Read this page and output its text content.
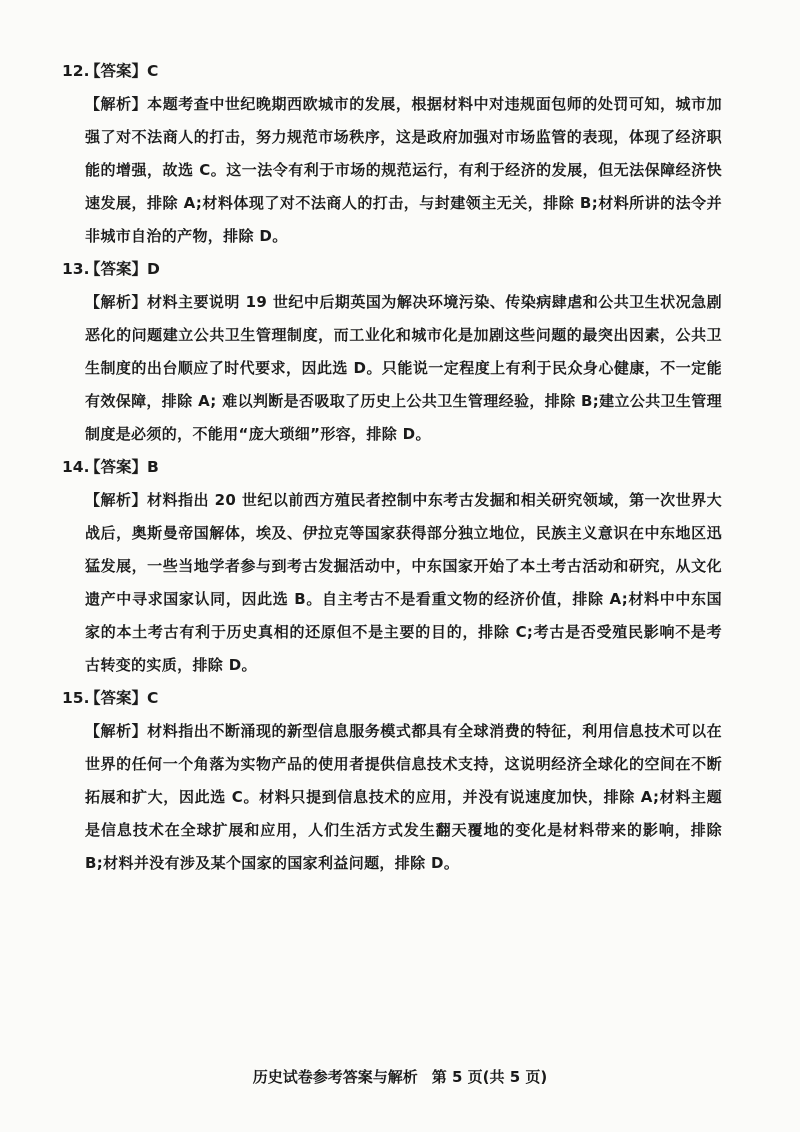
12.
【答案】C

【解析】本题考查中世纪晚期西欧城市的发展，根据材料中对违规面包师的处罚可知，城市加强了对不法商人的打击，努力规范市场秩序，这是政府加强对市场监管的表现，体现了经济职能的增强，故选 C。这一法令有利于市场的规范运行，有利于经济的发展，但无法保障经济快速发展，排除 A;材料体现了对不法商人的打击，与封建领主无关，排除 B;材料所讲的法令并非城市自治的产物，排除 D。

13.
【答案】D

【解析】材料主要说明 19 世纪中后期英国为解决环境污染、传染病肆虐和公共卫生状况急剧恶化的问题建立公共卫生管理制度，而工业化和城市化是加剧这些问题的最突出因素，公共卫生制度的出台顺应了时代要求，因此选 D。只能说一定程度上有利于民众身心健康，不一定能有效保障，排除 A; 难以判断是否吸取了历史上公共卫生管理经验，排除 B;建立公共卫生管理制度是必须的，不能用“庞大琐细”形容，排除 D。

14.
【答案】B

【解析】材料指出 20 世纪以前西方殖民者控制中东考古发掘和相关研究领域，第一次世界大战后，奥斯曼帝国解体，埃及、伊拉克等国家获得部分独立地位，民族主义意识在中东地区迅猛发展，一些当地学者参与到考古发掘活动中，中东国家开始了本土考古活动和研究，从文化遗产中寻求国家认同，因此选 B。自主考古不是看重文物的经济价值，排除 A;材料中中东国家的本土考古有利于历史真相的还原但不是主要的目的，排除 C;考古是否受殖民影响不是考古转变的实质，排除 D。

15.
【答案】C

【解析】材料指出不断涌现的新型信息服务模式都具有全球消费的特征，利用信息技术可以在世界的任何一个角落为实物产品的使用者提供信息技术支持，这说明经济全球化的空间在不断拓展和扩大，因此选 C。材料只提到信息技术的应用，并没有说速度加快，排除 A;材料主题是信息技术在全球扩展和应用，人们生活方式发生翻天覆地的变化是材料带来的影响，排除 B;材料并没有涉及某个国家的国家利益问题，排除 D。

历史试卷参考答案与解析 第 5 页(共 5 页)
